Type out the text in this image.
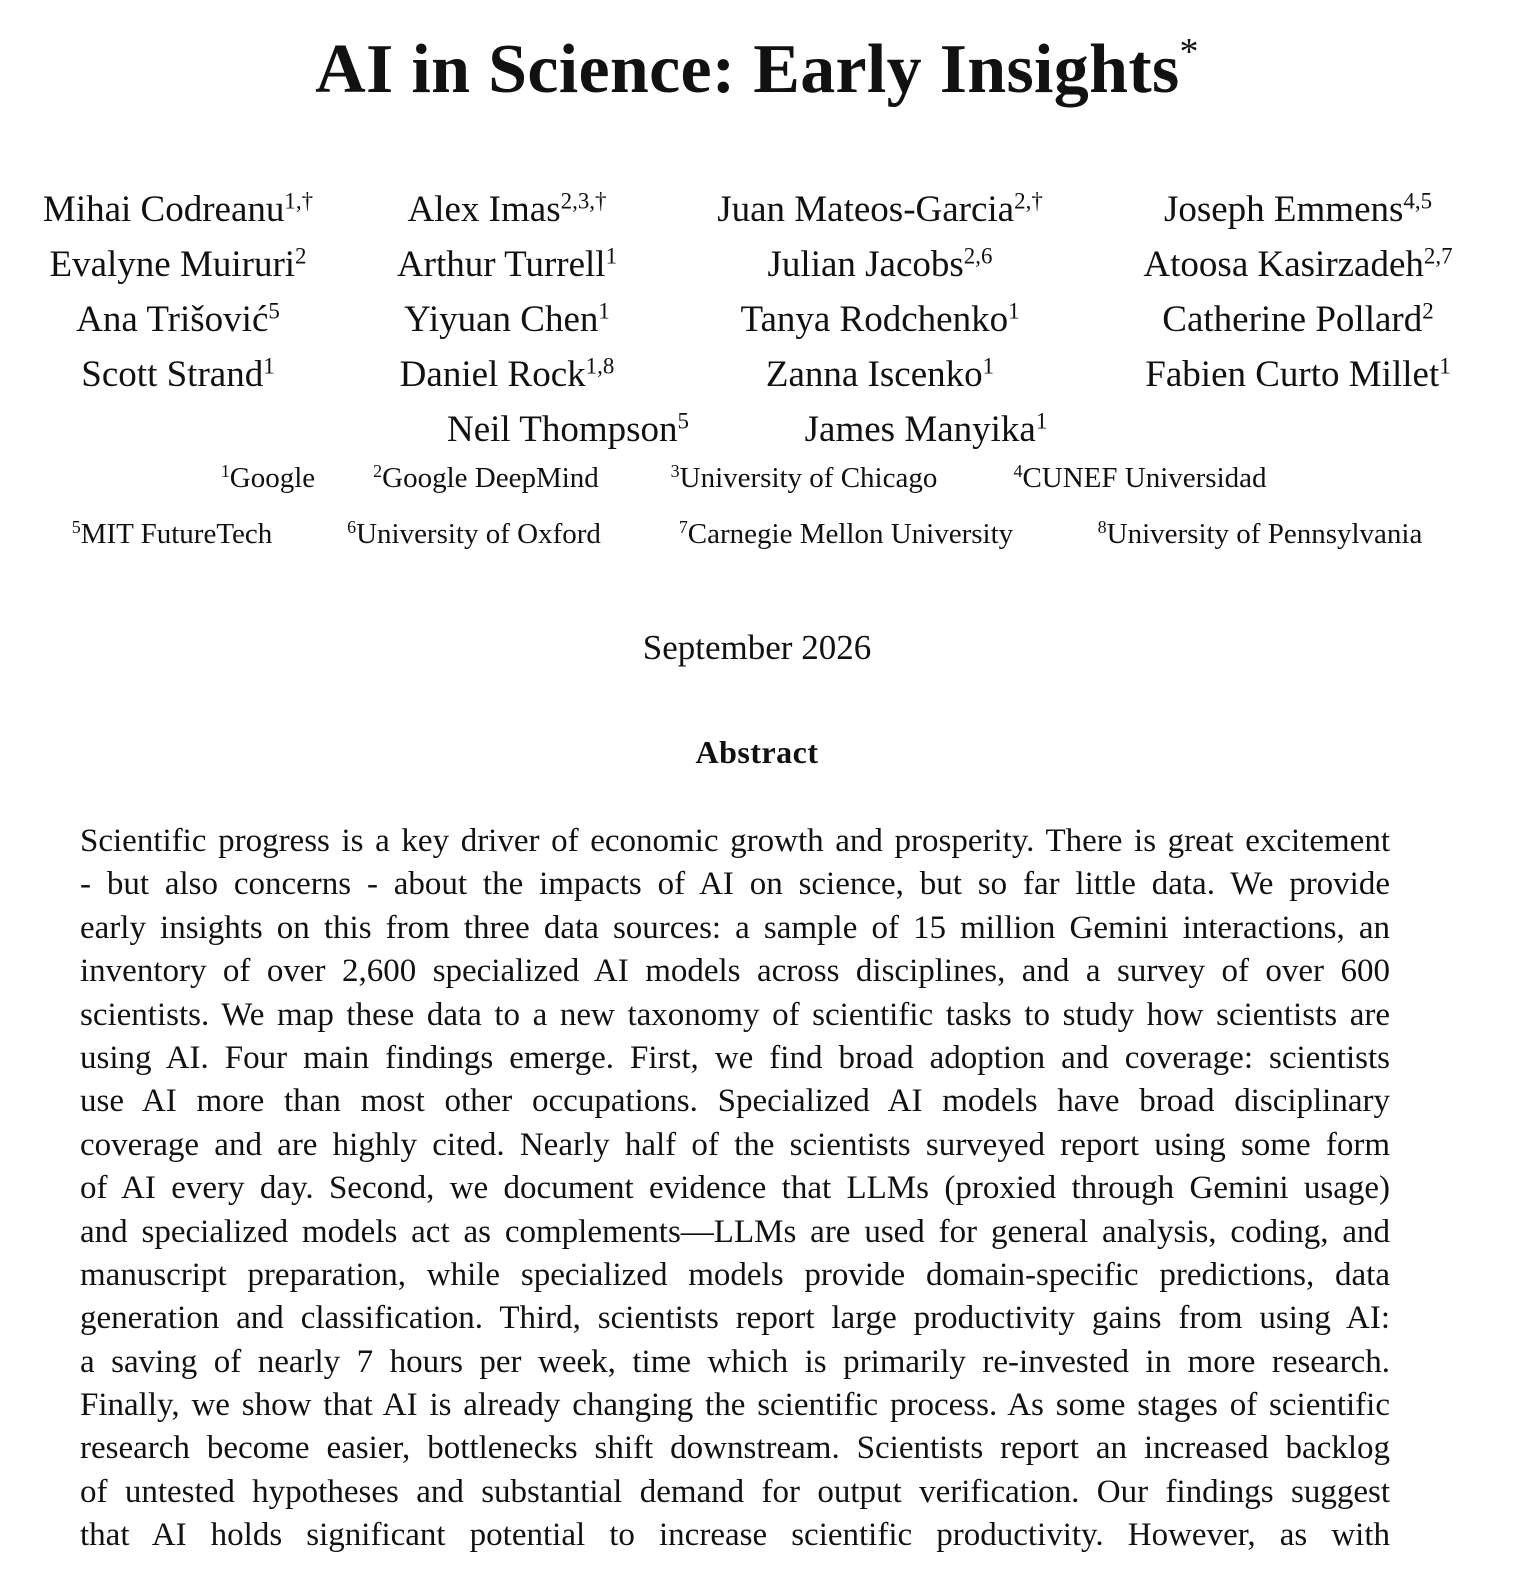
AI in Science: Early Insights*
Mihai Codreanu$^{1,\dagger}$	Alex Imas$^{2,3,\dagger}$	Juan Mateos-Garcia$^{2,\dagger}$	Joseph Emmens$^{4,5}$
Evalyne Muiruri$^2$ Arthur Turrell$^1$	Julian Jacobs$^{2,6}$	Atoosa Kasirzadeh$^{2,7}$
Ana Trišović$^5$	Yiyuan Chen$^1$	Tanya Rodchenko$^1$	Catherine Pollard$^2$
Scott Strand$^1$	Daniel Rock$^{1,8}$	Zanna Iscenko$^1$	Fabien Curto Millet$^1$
Neil Thompson$^5$	James Manyika$^1$
$^1$Google	$^2$Google DeepMind	$^3$University of Chicago	$^4$CUNEF Universidad
$^5$MIT FutureTech	$^6$University of Oxford	$^7$Carnegie Mellon University	$^8$University of Pennsylvania
September 2026
Abstract
Scientific progress is a key driver of economic growth and prosperity. There is great excitement
- but also concerns - about the impacts of AI on science, but so far little data. We provide
early insights on this from three data sources: a sample of 15 million Gemini interactions, an
inventory of over 2,600 specialized AI models across disciplines, and a survey of over 600
scientists. We map these data to a new taxonomy of scientific tasks to study how scientists are
using AI. Four main findings emerge. First, we find broad adoption and coverage: scientists
use AI more than most other occupations. Specialized AI models have broad disciplinary
coverage and are highly cited. Nearly half of the scientists surveyed report using some form
of AI every day. Second, we document evidence that LLMs (proxied through Gemini usage)
and specialized models act as complements—LLMs are used for general analysis, coding, and
manuscript preparation, while specialized models provide domain-specific predictions, data
generation and classification. Third, scientists report large productivity gains from using AI:
a saving of nearly 7 hours per week, time which is primarily re-invested in more research.
Finally, we show that AI is already changing the scientific process. As some stages of scientific
research become easier, bottlenecks shift downstream. Scientists report an increased backlog
of untested hypotheses and substantial demand for output verification. Our findings suggest
that AI holds significant potential to increase scientific productivity. However, as with
